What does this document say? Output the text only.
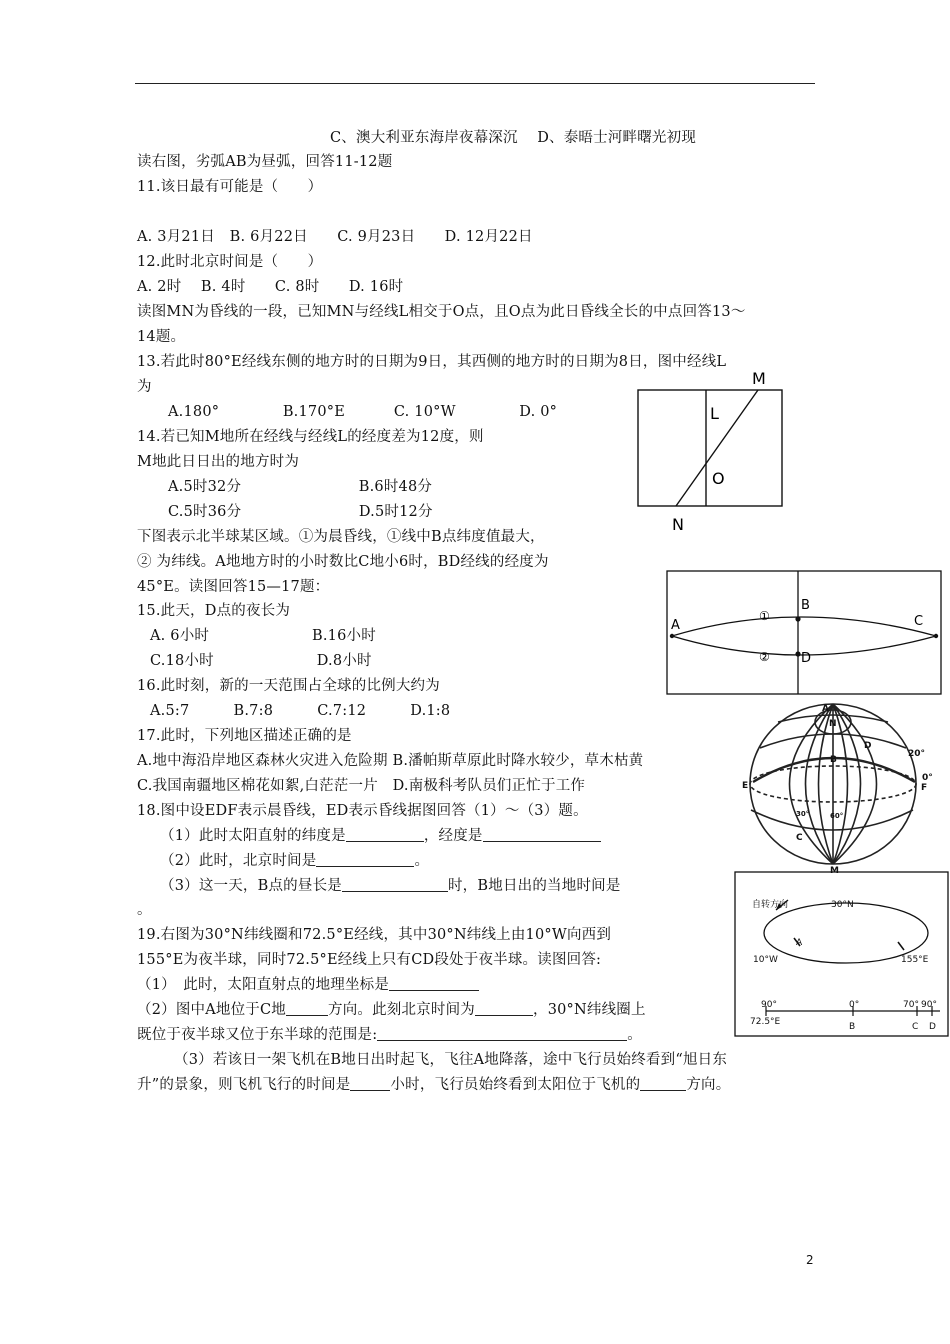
C、澳大利亚东海岸夜幕深沉　 D、泰晤士河畔曙光初现
读右图，劣弧AB为昼弧，回答11-12题
11.该日最有可能是（　　）
A. 3月21日　B. 6月22日　　C. 9月23日　　D. 12月22日
12.此时北京时间是（　　）
A. 2时　 B. 4时　　C. 8时　　D. 16时
读图MN为昏线的一段，已知MN与经线L相交于O点，且O点为此日昏线全长的中点回答13～
14题。
13.若此时80°E经线东侧的地方时的日期为9日，其西侧的地方时的日期为8日，图中经线L
为
A.180°　　　　 B.170°E　　　 C. 10°W　　　　 D. 0°
14.若已知M地所在经线与经线L的经度差为12度，则
M地此日日出的地方时为
A.5时32分　　　　　　　　B.6时48分
C.5时36分　　　　　　　　D.5时12分
下图表示北半球某区域。①为晨昏线，①线中B点纬度值最大，
② 为纬线。A地地方时的小时数比C地小6时，BD经线的经度为
45°E。读图回答15—17题：
15.此天，D点的夜长为
A. 6小时　　　　　　　B.16小时
C.18小时　　　　　　　D.8小时
16.此时刻，新的一天范围占全球的比例大约为
A.5:7　　　B.7:8　　　C.7:12　　　D.1:8
17.此时，下列地区描述正确的是
A.地中海沿岸地区森林火灾进入危险期 B.潘帕斯草原此时降水较少，草木枯黄
C.我国南疆地区棉花如絮,白茫茫一片　D.南极科考队员们正忙于工作
18.图中设EDF表示晨昏线，ED表示昏线据图回答（1）～（3）题。
（1）此时太阳直射的纬度是	，经度是
（2）此时，北京时间是	。
（3）这一天，B点的昼长是	时，B地日出的当地时间是
。
19.右图为30°N纬线圈和72.5°E经线，其中30°N纬线上由10°W向西到
155°E为夜半球，同时72.5°E经线上只有CD段处于夜半球。读图回答:
（1）　此时，太阳直射点的地理坐标是
（2）图中A地位于C地	方向。此刻北京时间为	，30°N纬线圈上
既位于夜半球又位于东半球的范围是:	。
（3）若该日一架飞机在B地日出时起飞，飞往A地降落，途中飞行员始终看到“旭日东
升”的景象，则飞机飞行的时间是	小时，飞行员始终看到太阳位于飞机的	方向。
2
M
L
O
N
A
B
C
D
①
②
N
A
B
C
D
E	F
M
20°
0°
30°	60°
自转方向	30°N
10°W	155°E
A
90°	0°	70° 90°
72.5°E	B	C D
